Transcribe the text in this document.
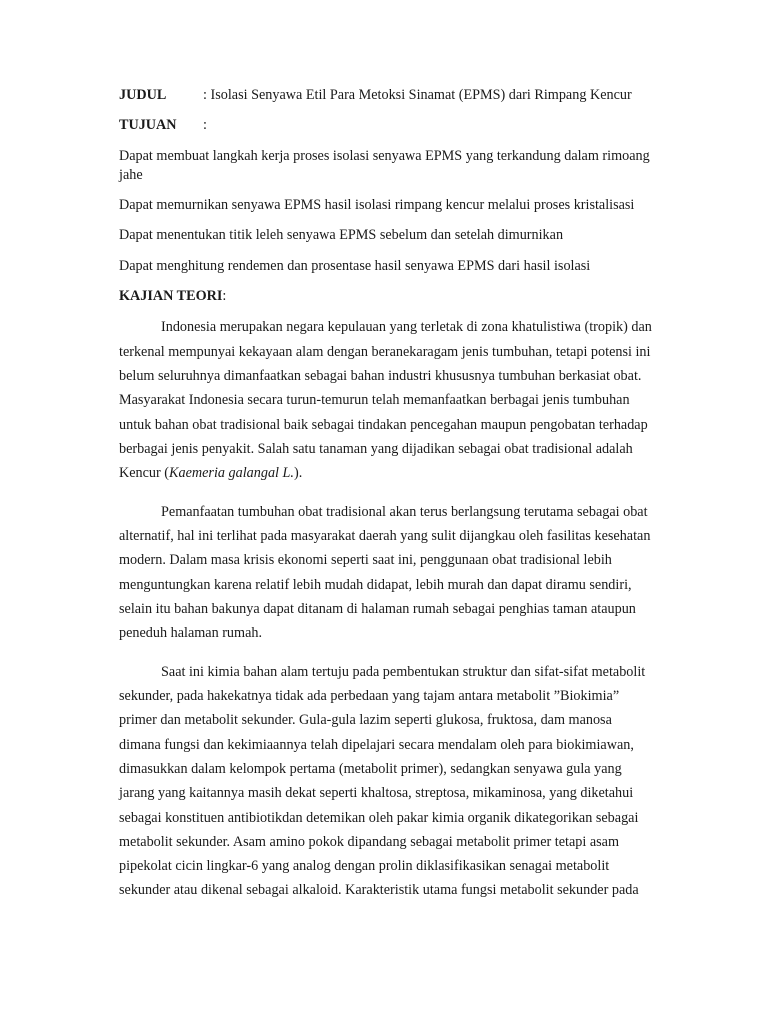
JUDUL	: Isolasi Senyawa Etil Para Metoksi Sinamat (EPMS) dari Rimpang Kencur
TUJUAN :
Dapat membuat langkah kerja proses isolasi senyawa EPMS yang terkandung dalam rimoang
jahe
Dapat memurnikan senyawa EPMS hasil isolasi rimpang kencur melalui proses kristalisasi
Dapat menentukan titik leleh senyawa EPMS sebelum dan setelah dimurnikan
Dapat menghitung rendemen dan prosentase hasil senyawa EPMS dari hasil isolasi
KAJIAN TEORI:
Indonesia merupakan negara kepulauan yang terletak di zona khatulistiwa (tropik) dan
terkenal mempunyai kekayaan alam dengan beranekaragam jenis tumbuhan, tetapi potensi ini
belum seluruhnya dimanfaatkan sebagai bahan industri khususnya tumbuhan berkasiat obat.
Masyarakat Indonesia secara turun-temurun telah memanfaatkan berbagai jenis tumbuhan
untuk bahan obat tradisional baik sebagai tindakan pencegahan maupun pengobatan terhadap
berbagai jenis penyakit. Salah satu tanaman yang dijadikan sebagai obat tradisional adalah
Kencur (Kaemeria galangal L.).
Pemanfaatan tumbuhan obat tradisional akan terus berlangsung terutama sebagai obat
alternatif, hal ini terlihat pada masyarakat daerah yang sulit dijangkau oleh fasilitas kesehatan
modern. Dalam masa krisis ekonomi seperti saat ini, penggunaan obat tradisional lebih
menguntungkan karena relatif lebih mudah didapat, lebih murah dan dapat diramu sendiri,
selain itu bahan bakunya dapat ditanam di halaman rumah sebagai penghias taman ataupun
peneduh halaman rumah.
Saat ini kimia bahan alam tertuju pada pembentukan struktur dan sifat-sifat metabolit
sekunder, pada hakekatnya tidak ada perbedaan yang tajam antara metabolit ”Biokimia”
primer dan metabolit sekunder. Gula-gula lazim seperti glukosa, fruktosa, dam manosa
dimana fungsi dan kekimiaannya telah dipelajari secara mendalam oleh para biokimiawan,
dimasukkan dalam kelompok pertama (metabolit primer), sedangkan senyawa gula yang
jarang yang kaitannya masih dekat seperti khaltosa, streptosa, mikaminosa, yang diketahui
sebagai konstituen antibiotikdan detemikan oleh pakar kimia organik dikategorikan sebagai
metabolit sekunder. Asam amino pokok dipandang sebagai metabolit primer tetapi asam
pipekolat cicin lingkar-6 yang analog dengan prolin diklasifikasikan senagai metabolit
sekunder atau dikenal sebagai alkaloid. Karakteristik utama fungsi metabolit sekunder pada
